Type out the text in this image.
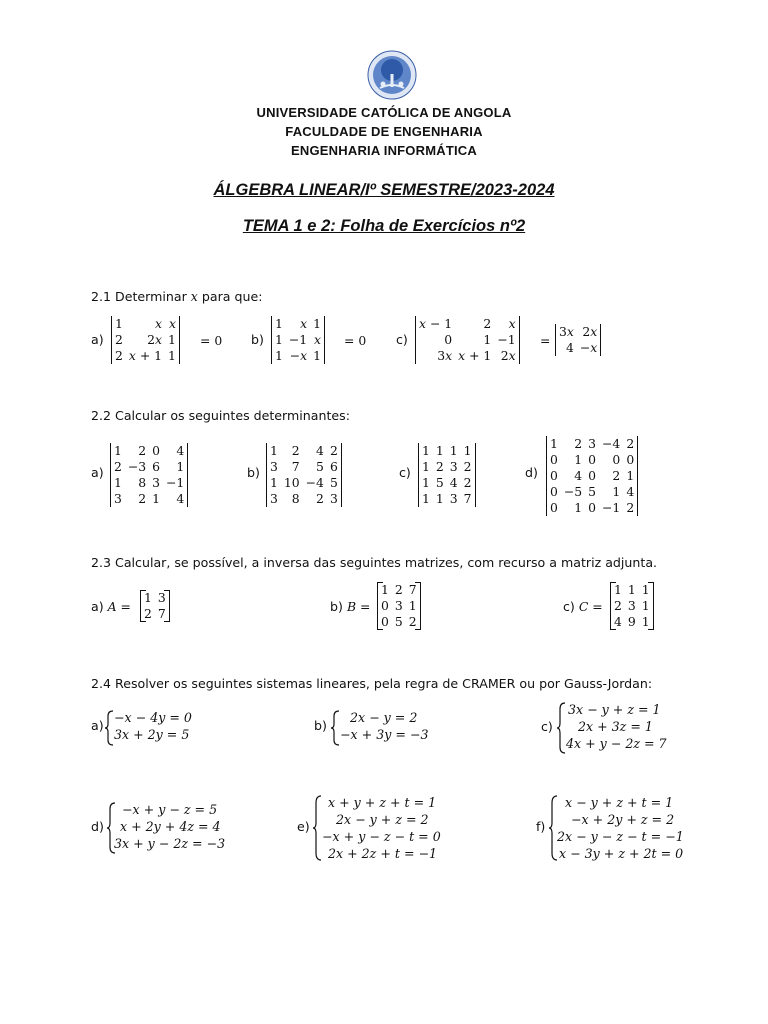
UNIVERSIDADE CATÓLICA DE ANGOLA
FACULDADE DE ENGENHARIA
ENGENHARIA INFORMÁTICA
ÁLGEBRA LINEAR/Iº SEMESTRE/2023-2024
TEMA 1 e 2: Folha de Exercícios nº2
2.1 Determinar x para que:
a)
1	x	x
2	2x	1
2	x + 1	1
= 0 b)
1	x	1
1	−1	x
1	−x	1
= 0 c)
x − 1	2	x
0	1	−1
3x	x + 1	2x
=
3x	2x
4	−x
2.2 Calcular os seguintes determinantes:
a)
1	2	0	4
2	−3	6	1
1	8	3	−1
3	2	1	4
b)
1	2	4	2
3	7	5	6
1	10	−4	5
3	8	2	3
c)
1	1	1	1
1	2	3	2
1	5	4	2
1	1	3	7
d)
1	2	3	−4	2
0	1	0	0	0
0	4	0	2	1
0	−5	5	1	4
0	1	0	−1	2
2.3 Calcular, se possível, a inversa das seguintes matrizes, com recurso a matriz adjunta.
a) A =
1	3
2	7	b) B =
1	2	7
0	3	1
0	5	2
c) C =
1	1	1
2	3	1
4	9	1
2.4 Resolver os seguintes sistemas lineares, pela regra de CRAMER ou por Gauss-Jordan:
a)
−x − 4y = 0
3x + 2y = 5
b)
2x − y = 2
−x + 3y = −3
c)
3x − y + z = 1
2x + 3z = 1
4x + y − 2z = 7
d)
−x + y − z = 5
x + 2y + 4z = 4
3x + y − 2z = −3
e)
x + y + z + t = 1
2x − y + z = 2
−x + y − z − t = 0
2x + 2z + t = −1
f)
x − y + z + t = 1
−x + 2y + z = 2
2x − y − z − t = −1
x − 3y + z + 2t = 0
